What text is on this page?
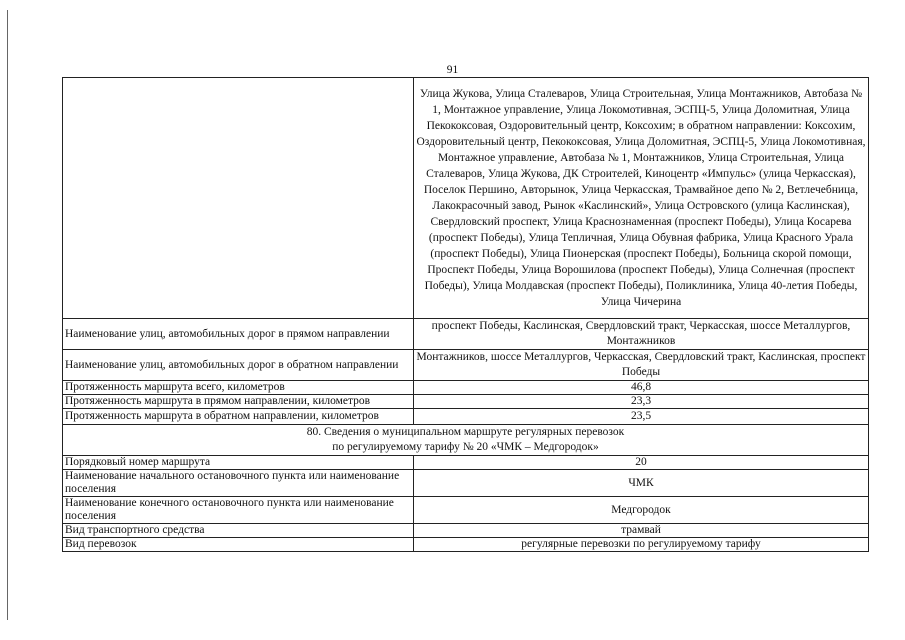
91
	Улица Жукова, Улица Сталеваров, Улица Строительная, Улица Монтажников, Автобаза № 1, Монтажное управление, Улица Локомотивная, ЭСПЦ-5, Улица Доломитная, Улица Пекококсовая, Оздоровительный центр, Коксохим; в обратном направлении: Коксохим, Оздоровительный центр, Пекококсовая, Улица Доломитная, ЭСПЦ-5, Улица Локомотивная, Монтажное управление, Автобаза № 1, Монтажников, Улица Строительная, Улица Сталеваров, Улица Жукова, ДК Строителей, Киноцентр «Импульс» (улица Черкасская), Поселок Першино, Авторынок, Улица Черкасская, Трамвайное депо № 2, Ветлечебница, Лакокрасочный завод, Рынок «Каслинский», Улица Островского (улица Каслинская), Свердловский проспект, Улица Краснознаменная (проспект Победы), Улица Косарева (проспект Победы), Улица Тепличная, Улица Обувная фабрика, Улица Красного Урала (проспект Победы), Улица Пионерская (проспект Победы), Больница скорой помощи, Проспект Победы, Улица Ворошилова (проспект Победы), Улица Солнечная (проспект Победы), Улица Молдавская (проспект Победы), Поликлиника, Улица 40-летия Победы, Улица Чичерина
Наименование улиц, автомобильных дорог в прямом направлении	проспект Победы, Каслинская, Свердловский тракт, Черкасская, шоссе Металлургов, Монтажников
Наименование улиц, автомобильных дорог в обратном направлении	Монтажников, шоссе Металлургов, Черкасская, Свердловский тракт, Каслинская, проспект Победы
Протяженность маршрута всего, километров	46,8
Протяженность маршрута в прямом направлении, километров	23,3
Протяженность маршрута в обратном направлении, километров	23,5
80. Сведения о муниципальном маршруте регулярных перевозок
по регулируемому тарифу № 20 «ЧМК – Медгородок»	
Порядковый номер маршрута	20
Наименование начального остановочного пункта или наименование поселения	ЧМК
Наименование конечного остановочного пункта или наименование поселения	Медгородок
Вид транспортного средства	трамвай
Вид перевозок	регулярные перевозки по регулируемому тарифу
